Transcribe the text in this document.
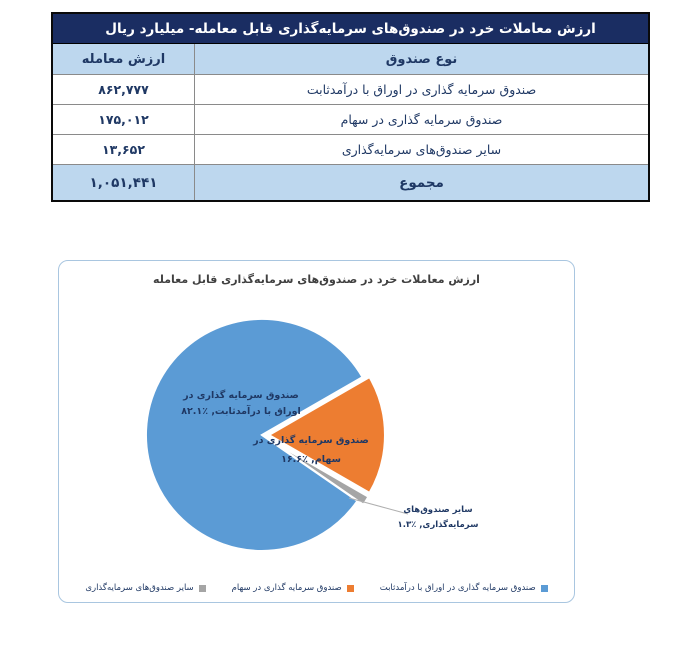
ارزش معاملات خرد در صندوق‌های سرمایه‌گذاری قابل معامله- میلیارد ریال
نوع صندوق
ارزش معامله
صندوق سرمایه گذاری در اوراق با درآمدثابت
۸۶۲,۷۷۷
صندوق سرمایه گذاری در سهام
۱۷۵,۰۱۲
سایر صندوق‌های سرمایه‌گذاری
۱۳,۶۵۲
مجموع
۱,۰۵۱,۴۴۱
ارزش معاملات خرد در صندوق‌های سرمایه‌گذاری قابل معامله
صندوق سرمایه گذاری در
اوراق با درآمدثابت, ٪۸۲.۱
صندوق سرمایه گذاری در
سهام, ٪۱۶.۶
سایر صندوق‌های
سرمایه‌گذاری, ٪۱.۳
صندوق سرمایه گذاری در اوراق با درآمدثابت
صندوق سرمایه گذاری در سهام
سایر صندوق‌های سرمایه‌گذاری
